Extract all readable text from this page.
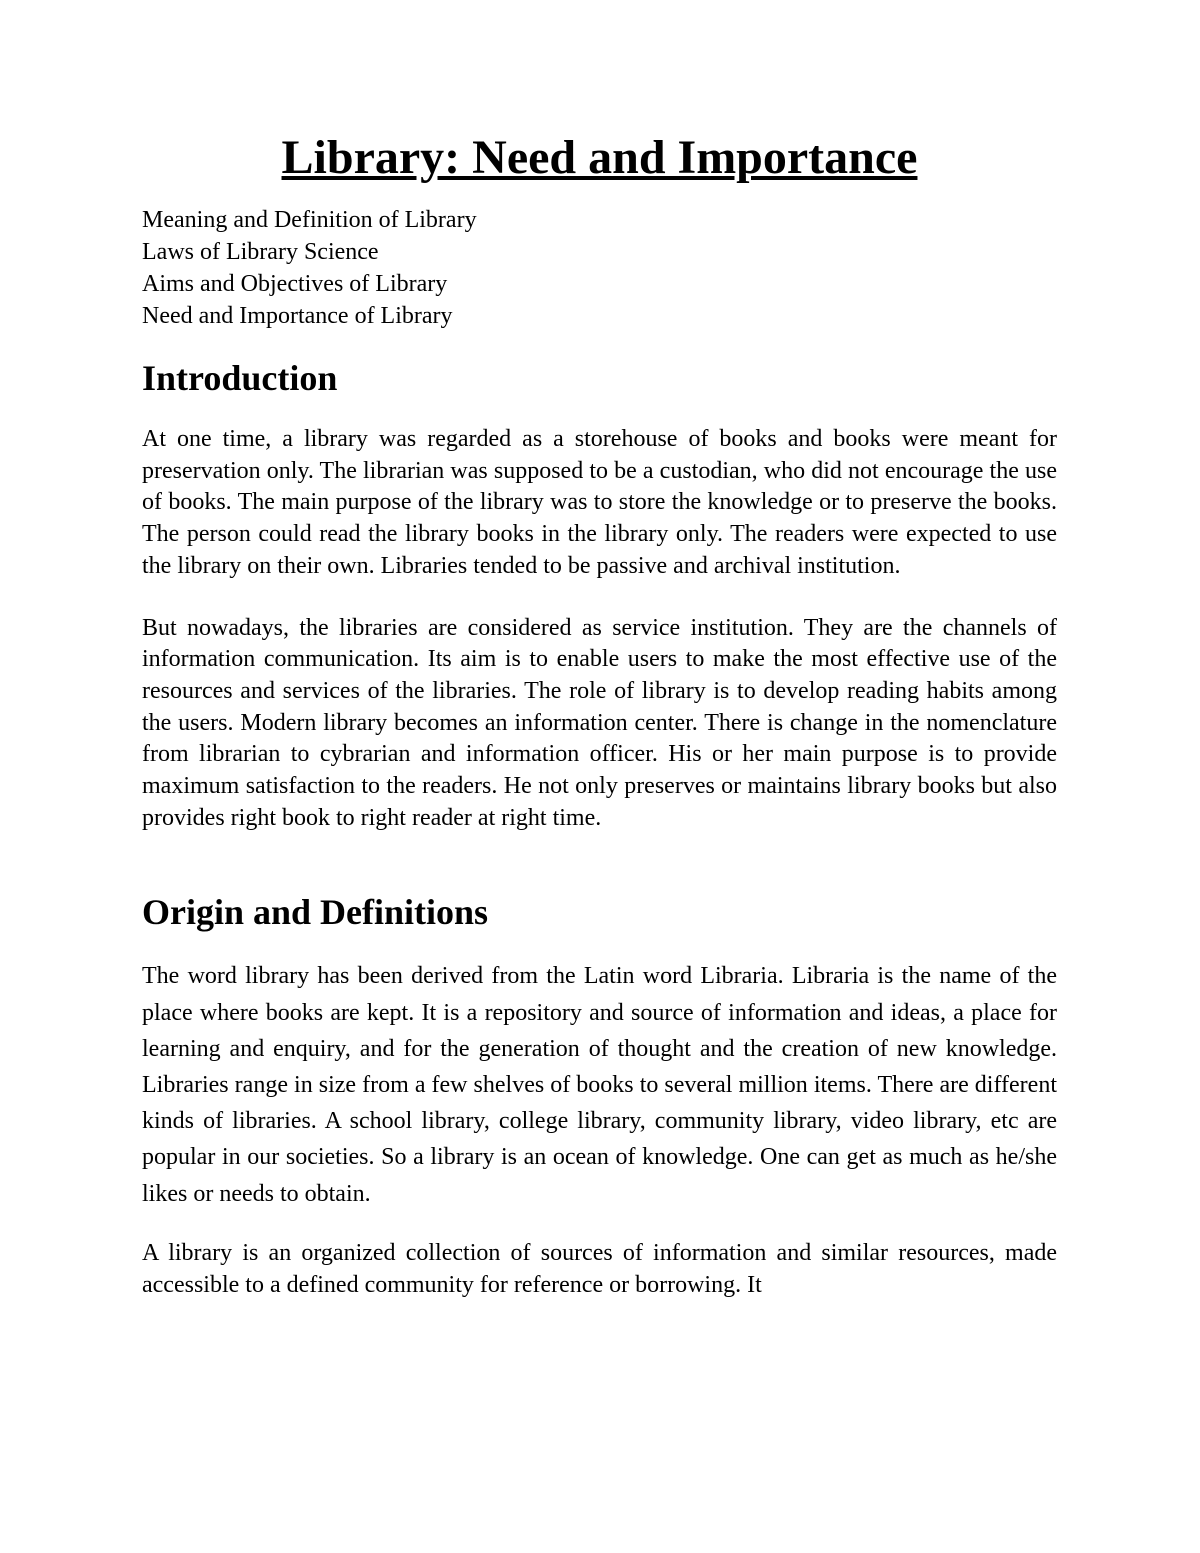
Library: Need and Importance
Meaning and Definition of Library
Laws of Library Science
Aims and Objectives of Library
Need and Importance of Library
Introduction

At one time, a library was regarded as a storehouse of books and books were meant for preservation only. The librarian was supposed to be a custodian, who did not encourage the use of books. The main purpose of the library was to store the knowledge or to preserve the books. The person could read the library books in the library only. The readers were expected to use the library on their own. Libraries tended to be passive and archival institution.

But nowadays, the libraries are considered as service institution. They are the channels of information communication. Its aim is to enable users to make the most effective use of the resources and services of the libraries. The role of library is to develop reading habits among the users. Modern library becomes an information center. There is change in the nomenclature from librarian to cybrarian and information officer. His or her main purpose is to provide maximum satisfaction to the readers. He not only preserves or maintains library books but also provides right book to right reader at right time.

Origin and Definitions

The word library has been derived from the Latin word Libraria. Libraria is the name of the place where books are kept. It is a repository and source of information and ideas, a place for learning and enquiry, and for the generation of thought and the creation of new knowledge. Libraries range in size from a few shelves of books to several million items. There are different kinds of libraries. A school library, college library, community library, video library, etc are popular in our societies. So a library is an ocean of knowledge. One can get as much as he/she likes or needs to obtain.

A library is an organized collection of sources of information and similar resources, made accessible to a defined community for reference or borrowing. It
